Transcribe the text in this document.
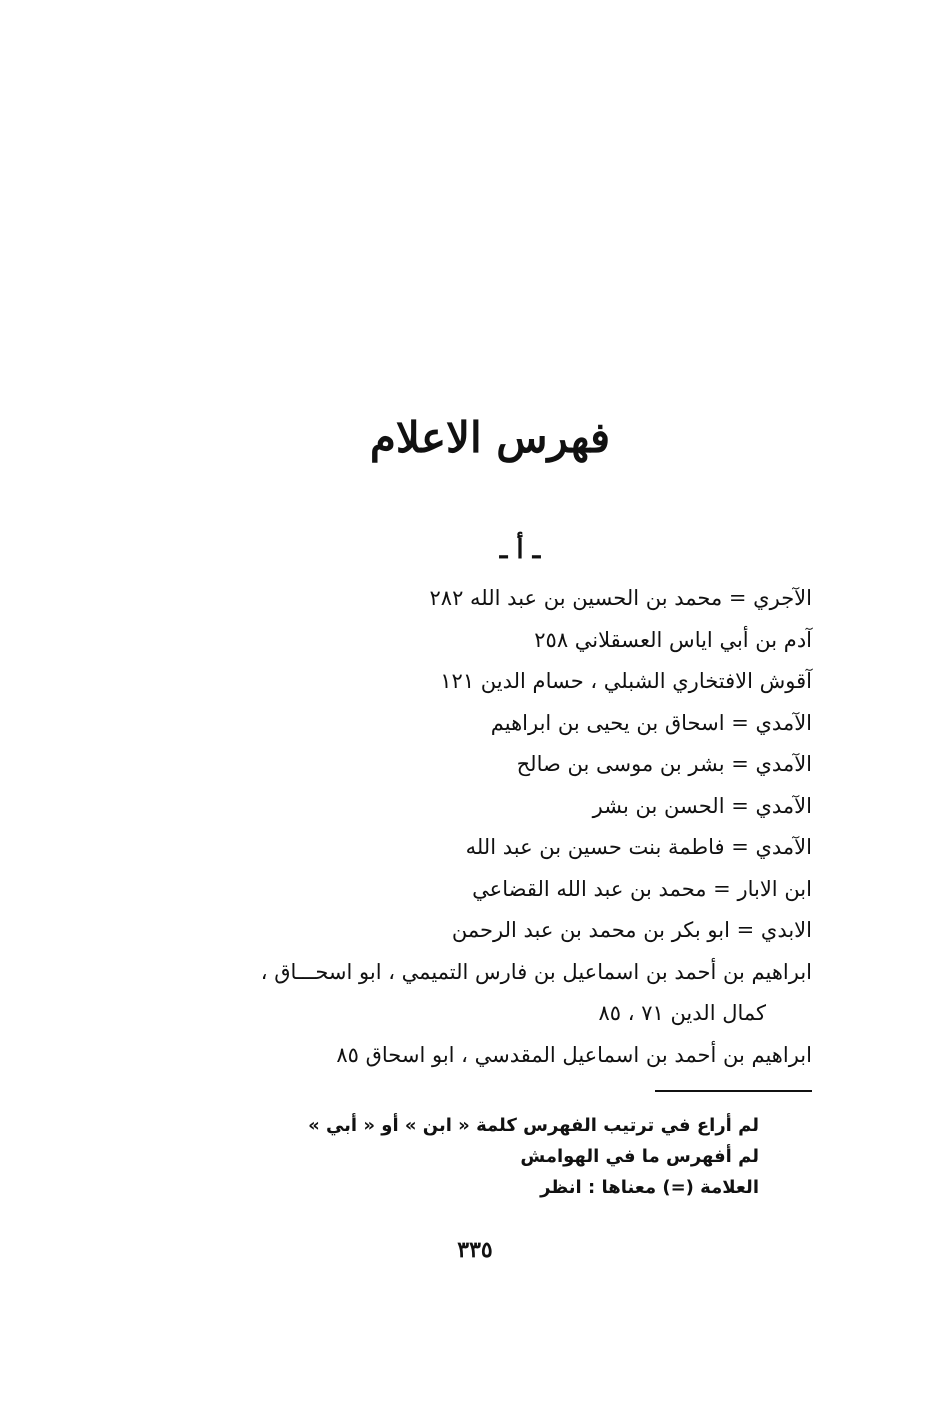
فهرس الاعلام
ـ أ ـ
الآجري = محمد بن الحسين بن عبد الله ٢٨٢
آدم بن أبي اياس العسقلاني ٢٥٨
آقوش الافتخاري الشبلي ، حسام الدين ١٢١
الآمدي = اسحاق بن يحيى بن ابراهيم
الآمدي = بشر بن موسى بن صالح
الآمدي = الحسن بن بشر
الآمدي = فاطمة بنت حسين بن عبد الله
ابن الابار = محمد بن عبد الله القضاعي
الابدي = ابو بكر بن محمد بن عبد الرحمن
ابراهيم بن أحمد بن اسماعيل بن فارس التميمي ، ابو اسحـــاق ،
كمال الدين ٧١ ، ٨٥
ابراهيم بن أحمد بن اسماعيل المقدسي ، ابو اسحاق ٨٥
لم أراع في ترتيب الفهرس كلمة « ابن » أو « أبي »
لم أفهرس ما في الهوامش
العلامة (=) معناها : انظر
٣٣٥
